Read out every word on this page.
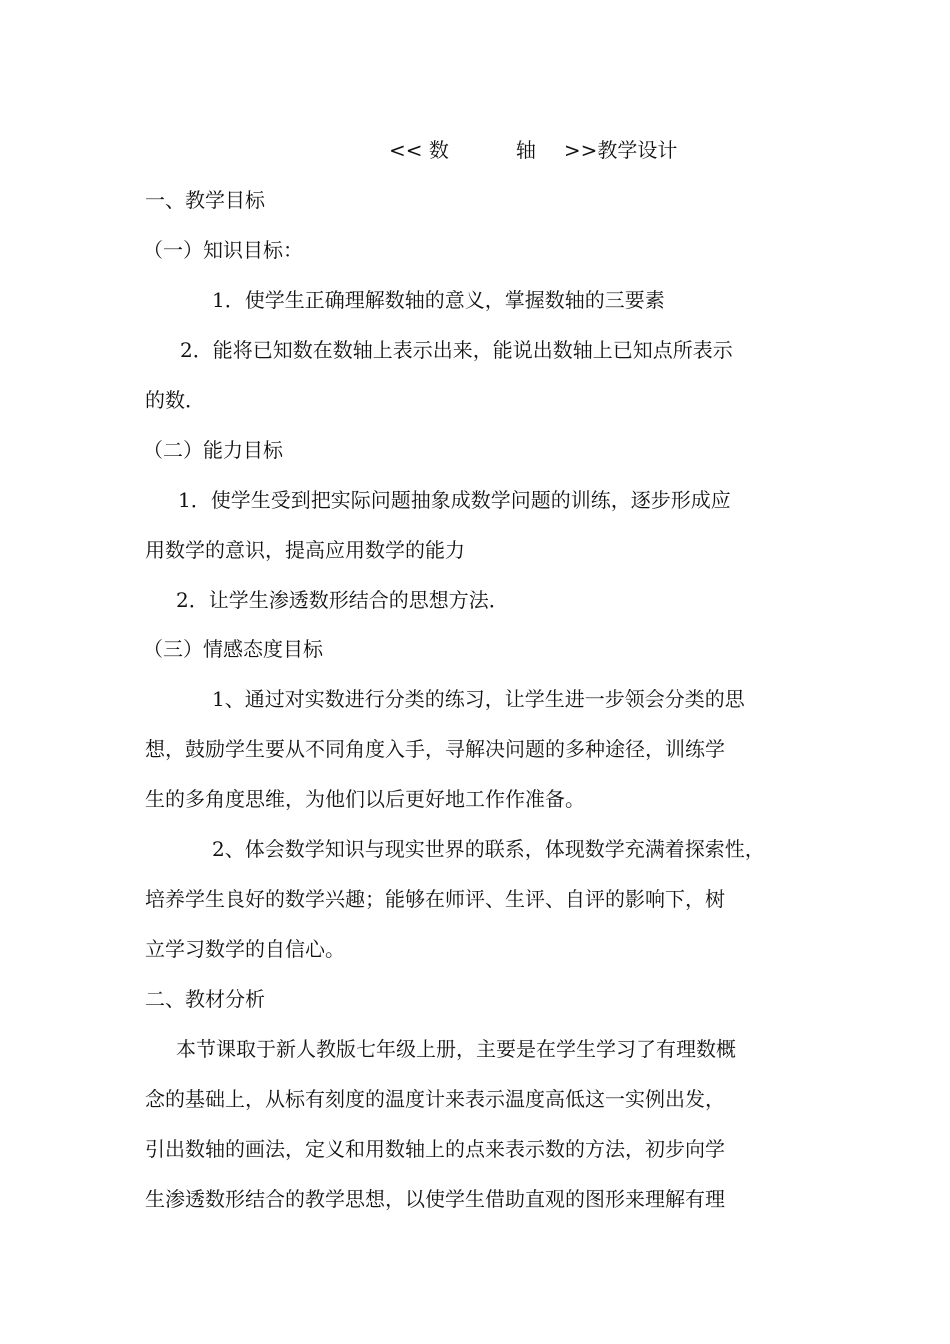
<< 数	轴 >>教学设计
一、教学目标
（一）知识目标：
1．使学生正确理解数轴的意义，掌握数轴的三要素
2．能将已知数在数轴上表示出来，能说出数轴上已知点所表示
的数．
（二）能力目标
1．使学生受到把实际问题抽象成数学问题的训练，逐步形成应
用数学的意识，提高应用数学的能力
2．让学生渗透数形结合的思想方法．
（三）情感态度目标
1、通过对实数进行分类的练习，让学生进一步领会分类的思
想，鼓励学生要从不同角度入手，寻解决问题的多种途径，训练学
生的多角度思维，为他们以后更好地工作作准备。
2、体会数学知识与现实世界的联系，体现数学充满着探索性，
培养学生良好的数学兴趣；能够在师评、生评、自评的影响下，树
立学习数学的自信心。
二、教材分析
本节课取于新人教版七年级上册，主要是在学生学习了有理数概
念的基础上，从标有刻度的温度计来表示温度高低这一实例出发，
引出数轴的画法，定义和用数轴上的点来表示数的方法，初步向学
生渗透数形结合的教学思想，以使学生借助直观的图形来理解有理
